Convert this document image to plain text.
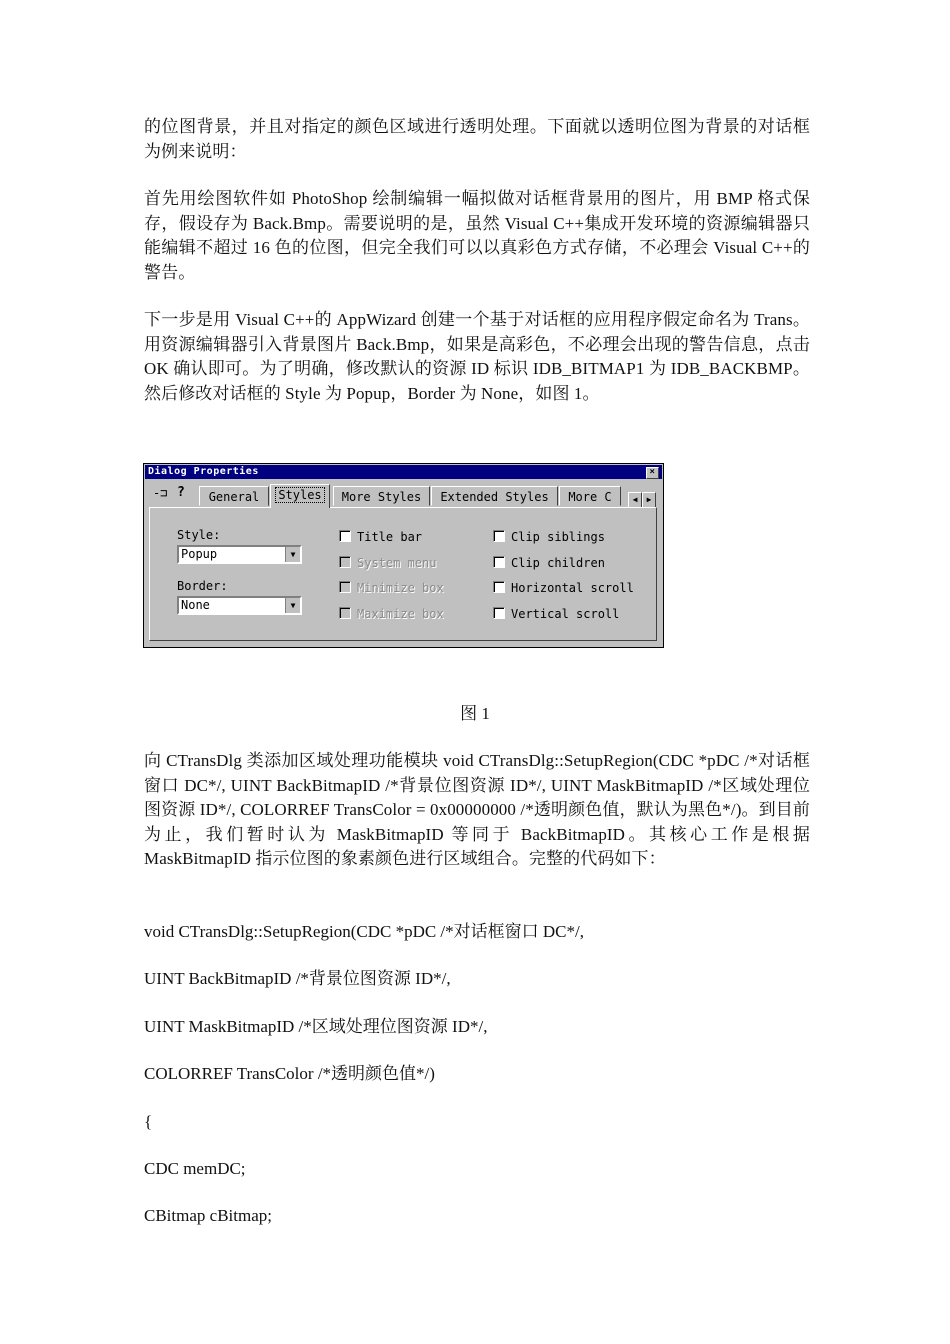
的位图背景，并且对指定的颜色区域进行透明处理。下面就以透明位图为背景的对话框为例来说明：

首先用绘图软件如 PhotoShop 绘制编辑一幅拟做对话框背景用的图片，用 BMP 格式保存，假设存为 Back.Bmp。需要说明的是，虽然 Visual C++集成开发环境的资源编辑器只能编辑不超过 16 色的位图，但完全我们可以以真彩色方式存储，不必理会 Visual C++的警告。

下一步是用 Visual C++的 AppWizard 创建一个基于对话框的应用程序假定命名为 Trans。用资源编辑器引入背景图片 Back.Bmp，如果是高彩色，不必理会出现的警告信息，点击 OK 确认即可。为了明确，修改默认的资源 ID 标识 IDB_BITMAP1 为 IDB_BACKBMP。然后修改对话框的 Style 为 Popup，Border 为 None，如图 1。

Dialog Properties	×
-⊐ ?	General	Styles	More Styles	Extended Styles	More C	◀	▶
Style:
Popup	▼
Border:
None	▼
Title bar
System menu
Minimize box
Maximize box
Clip siblings
Clip children
Horizontal scroll
Vertical scroll
图 1

向 CTransDlg 类添加区域处理功能模块 void CTransDlg::SetupRegion(CDC *pDC /*对话框窗口 DC*/, UINT BackBitmapID /*背景位图资源 ID*/, UINT MaskBitmapID /*区域处理位图资源 ID*/, COLORREF TransColor = 0x00000000 /*透明颜色值，默认为黑色*/)。到目前为止，我们暂时认为 MaskBitmapID 等同于 BackBitmapID。其核心工作是根据 MaskBitmapID 指示位图的象素颜色进行区域组合。完整的代码如下：

void CTransDlg::SetupRegion(CDC *pDC /*对话框窗口 DC*/,
UINT BackBitmapID /*背景位图资源 ID*/,
UINT MaskBitmapID /*区域处理位图资源 ID*/,
COLORREF TransColor /*透明颜色值*/)
{
CDC memDC;
CBitmap cBitmap;
